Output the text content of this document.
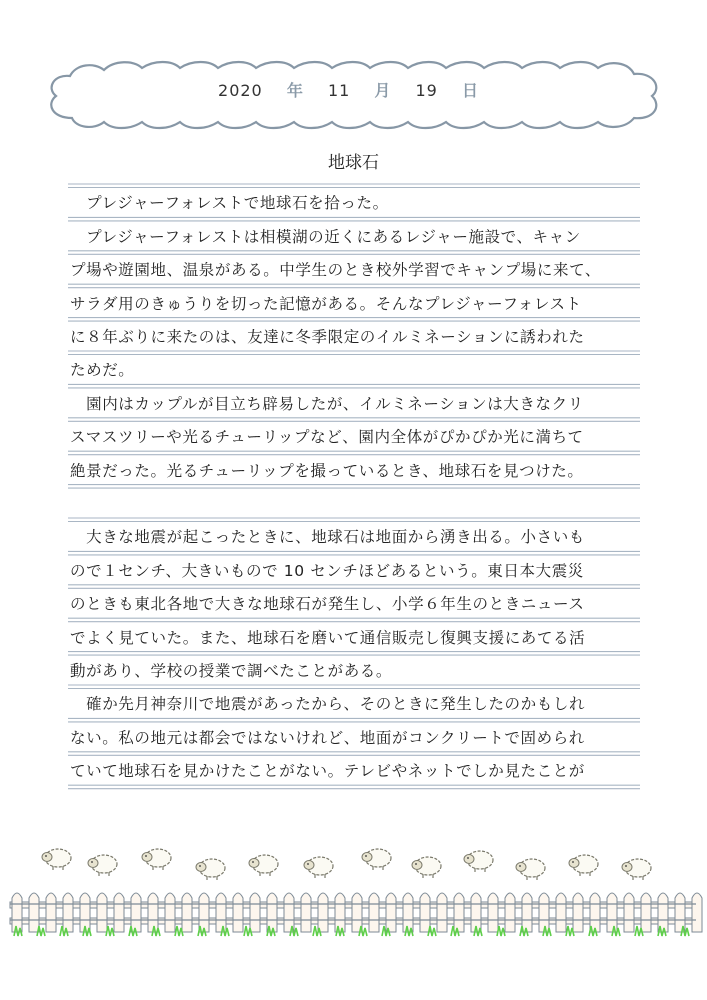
2020 年 11 月 19 日
地球石
　プレジャーフォレストで地球石を拾った。
　プレジャーフォレストは相模湖の近くにあるレジャー施設で、キャン
プ場や遊園地、温泉がある。中学生のとき校外学習でキャンプ場に来て、
サラダ用のきゅうりを切った記憶がある。そんなプレジャーフォレスト
に８年ぶりに来たのは、友達に冬季限定のイルミネーションに誘われた
ためだ。
　園内はカップルが目立ち辟易したが、イルミネーションは大きなクリ
スマスツリーや光るチューリップなど、園内全体がぴかぴか光に満ちて
絶景だった。光るチューリップを撮っているとき、地球石を見つけた。
　大きな地震が起こったときに、地球石は地面から湧き出る。小さいも
ので１センチ、大きいもので 10 センチほどあるという。東日本大震災
のときも東北各地で大きな地球石が発生し、小学６年生のときニュース
でよく見ていた。また、地球石を磨いて通信販売し復興支援にあてる活
動があり、学校の授業で調べたことがある。
　確か先月神奈川で地震があったから、そのときに発生したのかもしれ
ない。私の地元は都会ではないけれど、地面がコンクリートで固められ
ていて地球石を見かけたことがない。テレビやネットでしか見たことが
